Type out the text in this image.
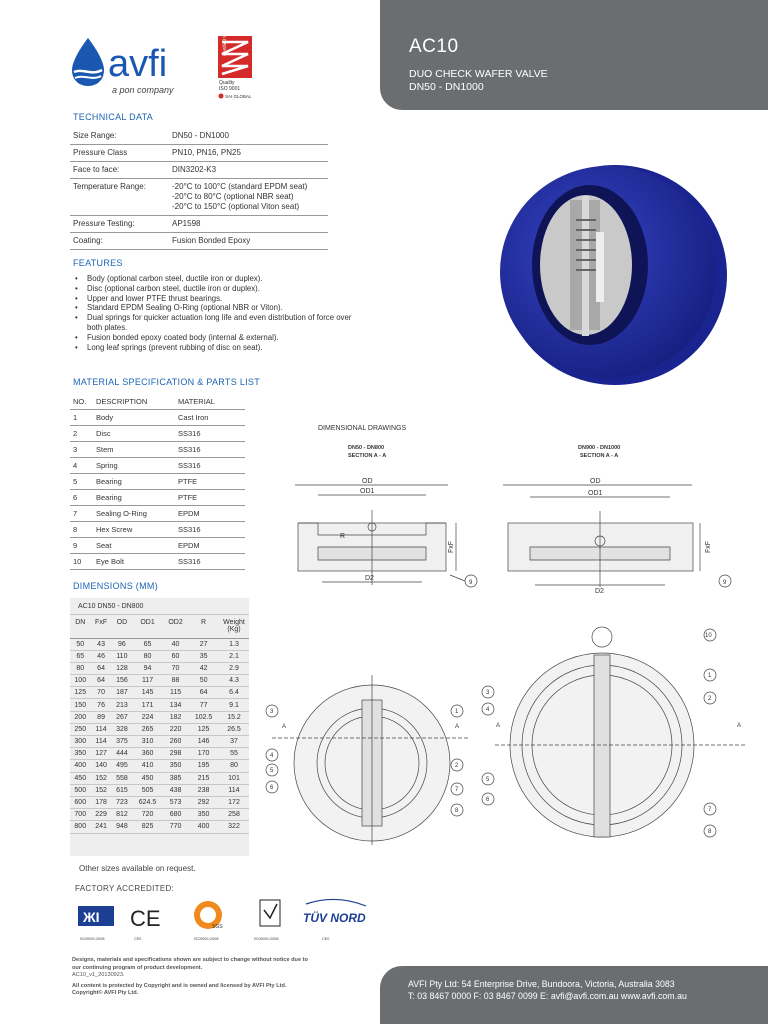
AC10
DUO CHECK WAFER VALVE
DN50 - DN1000
avfi
a pon company
Certified System
Quality
ISO 9001
SAI GLOBAL
TECHNICAL DATA
Size Range:	DN50 - DN1000
Pressure Class	PN10, PN16, PN25
Face to face:	DIN3202-K3
Temperature Range:	-20°C to 100°C (standard EPDM seat)
-20°C to 80°C (optional NBR seat)
-20°C to 150°C (optional Viton seat)

Pressure Testing:	AP1598
Coating:	Fusion Bonded Epoxy
FEATURES
• Body (optional carbon steel, ductile iron or duplex).
• Disc (optional carbon steel, ductile iron or duplex).
• Upper and lower PTFE thrust bearings.
• Standard EPDM Sealing O-Ring (optional NBR or Viton).
• Dual springs for quicker actuation long life and even distribution of force over both plates.
• Fusion bonded epoxy coated body (internal & external).
• Long leaf springs (prevent rubbing of disc on seat).
MATERIAL SPECIFICATION & PARTS LIST
NO.	DESCRIPTION	MATERIAL
1	Body	Cast Iron
2	Disc	SS316
3	Stem	SS316
4	Spring	SS316
5	Bearing	PTFE
6	Bearing	PTFE
7	Sealing O-Ring	EPDM
8	Hex Screw	SS316
9	Seat	EPDM
10	Eye Bolt	SS316
DIMENSIONS (MM)
AC10 DN50 - DN800						
DN	FxF	OD	OD1	OD2	R	Weight (Kg)
50	43	96	65	40	27	1.3
65	46	110	80	60	35	2.1
80	64	128	94	70	42	2.9
100	64	156	117	88	50	4.3
125	70	187	145	115	64	6.4
150	76	213	171	134	77	9.1
200	89	267	224	182	102.5	15.2
250	114	328	265	220	125	26.5
300	114	375	310	260	146	37
350	127	444	360	298	170	55
400	140	495	410	350	195	80
450	152	558	450	385	215	101
500	152	615	505	438	238	114
600	178	723	624.5	573	292	172
700	229	812	720	680	350	258
800	241	948	825	770	400	322
Other sizes available on request.
DIMENSIONAL DRAWINGS
DN50 - DN800
SECTION A - A
DN900 - DN1000
SECTION A - A
OD
OD1
D2
FxF
R
9
OD
OD1
D2
FxF
9
3
4
5
6
1
2
7
8
A	A
10
1
2
7
8
3
4
5
6
A	A
FACTORY ACCREDITED:
ЖI CE	SGS
TÜV NORD
ISO9001:2008	CE0	ISO9001:2008	ISO9001:2008	CE0
Designs, materials and specifications shown are subject to change without notice due to our continuing program of product development.
AC10_v1_20130923.
All content is protected by Copyright and is owned and licensed by AVFI Pty Ltd. Copyright© AVFI Pty Ltd.
AVFI Pty Ltd: 54 Enterprise Drive, Bundoora, Victoria, Australia 3083
T: 03 8467 0000 F: 03 8467 0099 E: avfi@avfi.com.au www.avfi.com.au
